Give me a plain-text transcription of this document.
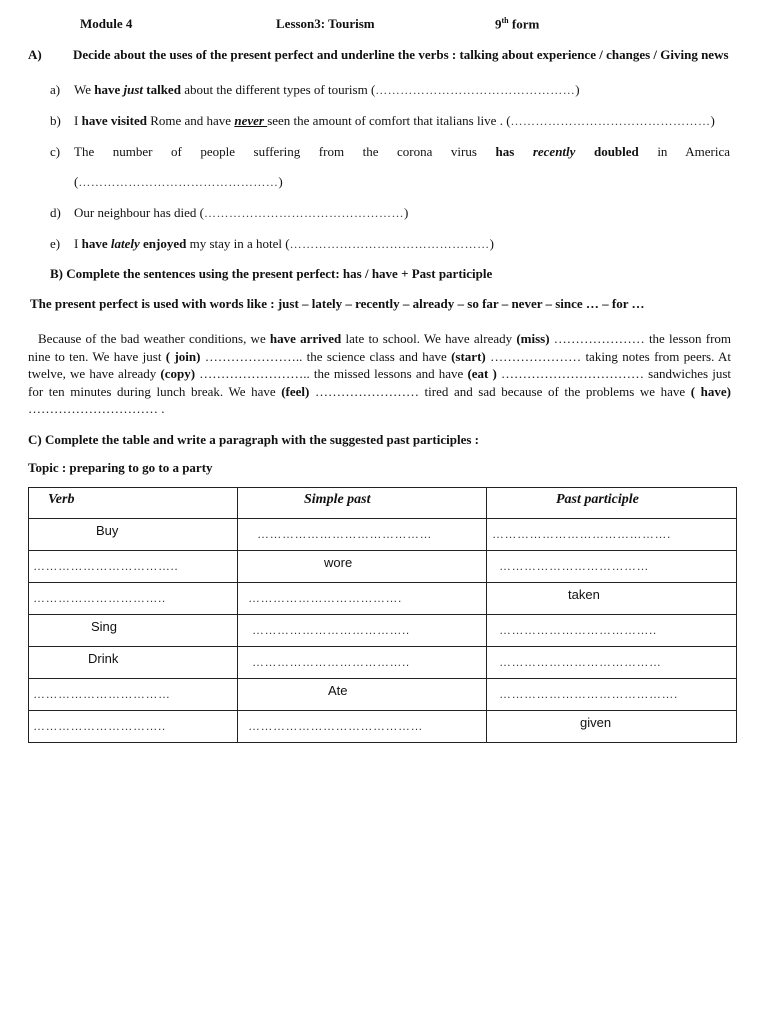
Module 4	Lesson3: Tourism	9th form
A) Decide about the uses of the present perfect and underline the verbs : talking about experience / changes / Giving news
a) We have just talked about the different types of tourism (…………………………………………)
b) I have visited Rome and have never seen the amount of comfort that italians live . (…………………………………………)
c) The number of people suffering from the corona virus has recently doubled in America
(…………………………………………)
d) Our neighbour has died (…………………………………………)
e) I have lately enjoyed my stay in a hotel (…………………………………………)
B) Complete the sentences using the present perfect: has / have + Past participle
The present perfect is used with words like : just – lately – recently – already – so far – never – since … – for …
Because of the bad weather conditions, we have arrived late to school. We have already (miss) ………………… the lesson from nine to ten. We have just ( join) ………………….. the science class and have (start) ………………… taking notes from peers. At twelve, we have already (copy) …………………….. the missed lessons and have (eat ) …………………………… sandwiches just for ten minutes during lunch break. We have (feel) …………………… tired and sad because of the problems we have ( have) ………………………… .
C) Complete the table and write a paragraph with the suggested past participles :
Topic : preparing to go to a party
Verb	Simple past	Past participle

Buy	……………………………………	…………………………………….

……………………………..	wore	………………………………

…………………………..	……………………………….	taken

Sing	………………………………..	………………………………..

Drink	………………………………..	…………………………………

……………………………	Ate	…………………………………….

…………………………..	……………………………………	given
